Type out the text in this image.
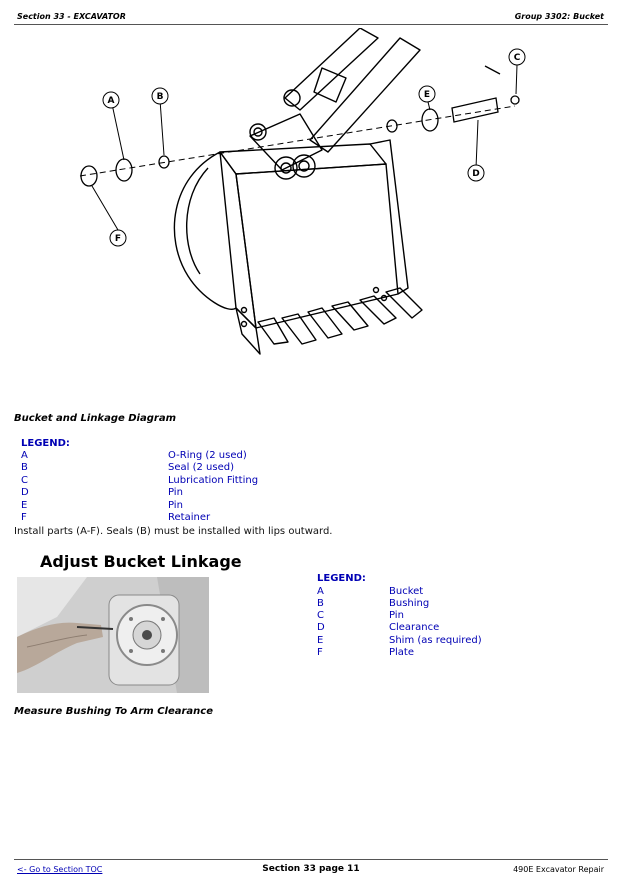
Section 33 - EXCAVATOR	Group 3302: Bucket
A	B
C
D
E
F
Bucket and Linkage Diagram
LEGEND:
A	O-Ring (2 used)
B	Seal (2 used)
C	Lubrication Fitting
D	Pin
E	Pin
F	Retainer
Install parts (A-F). Seals (B) must be installed with lips outward.
Adjust Bucket Linkage
LEGEND:
A	Bucket
B	Bushing
C	Pin
D	Clearance
E	Shim (as required)
F	Plate
Measure Bushing To Arm Clearance
<- Go to Section TOC	Section 33 page 11	490E Excavator Repair
